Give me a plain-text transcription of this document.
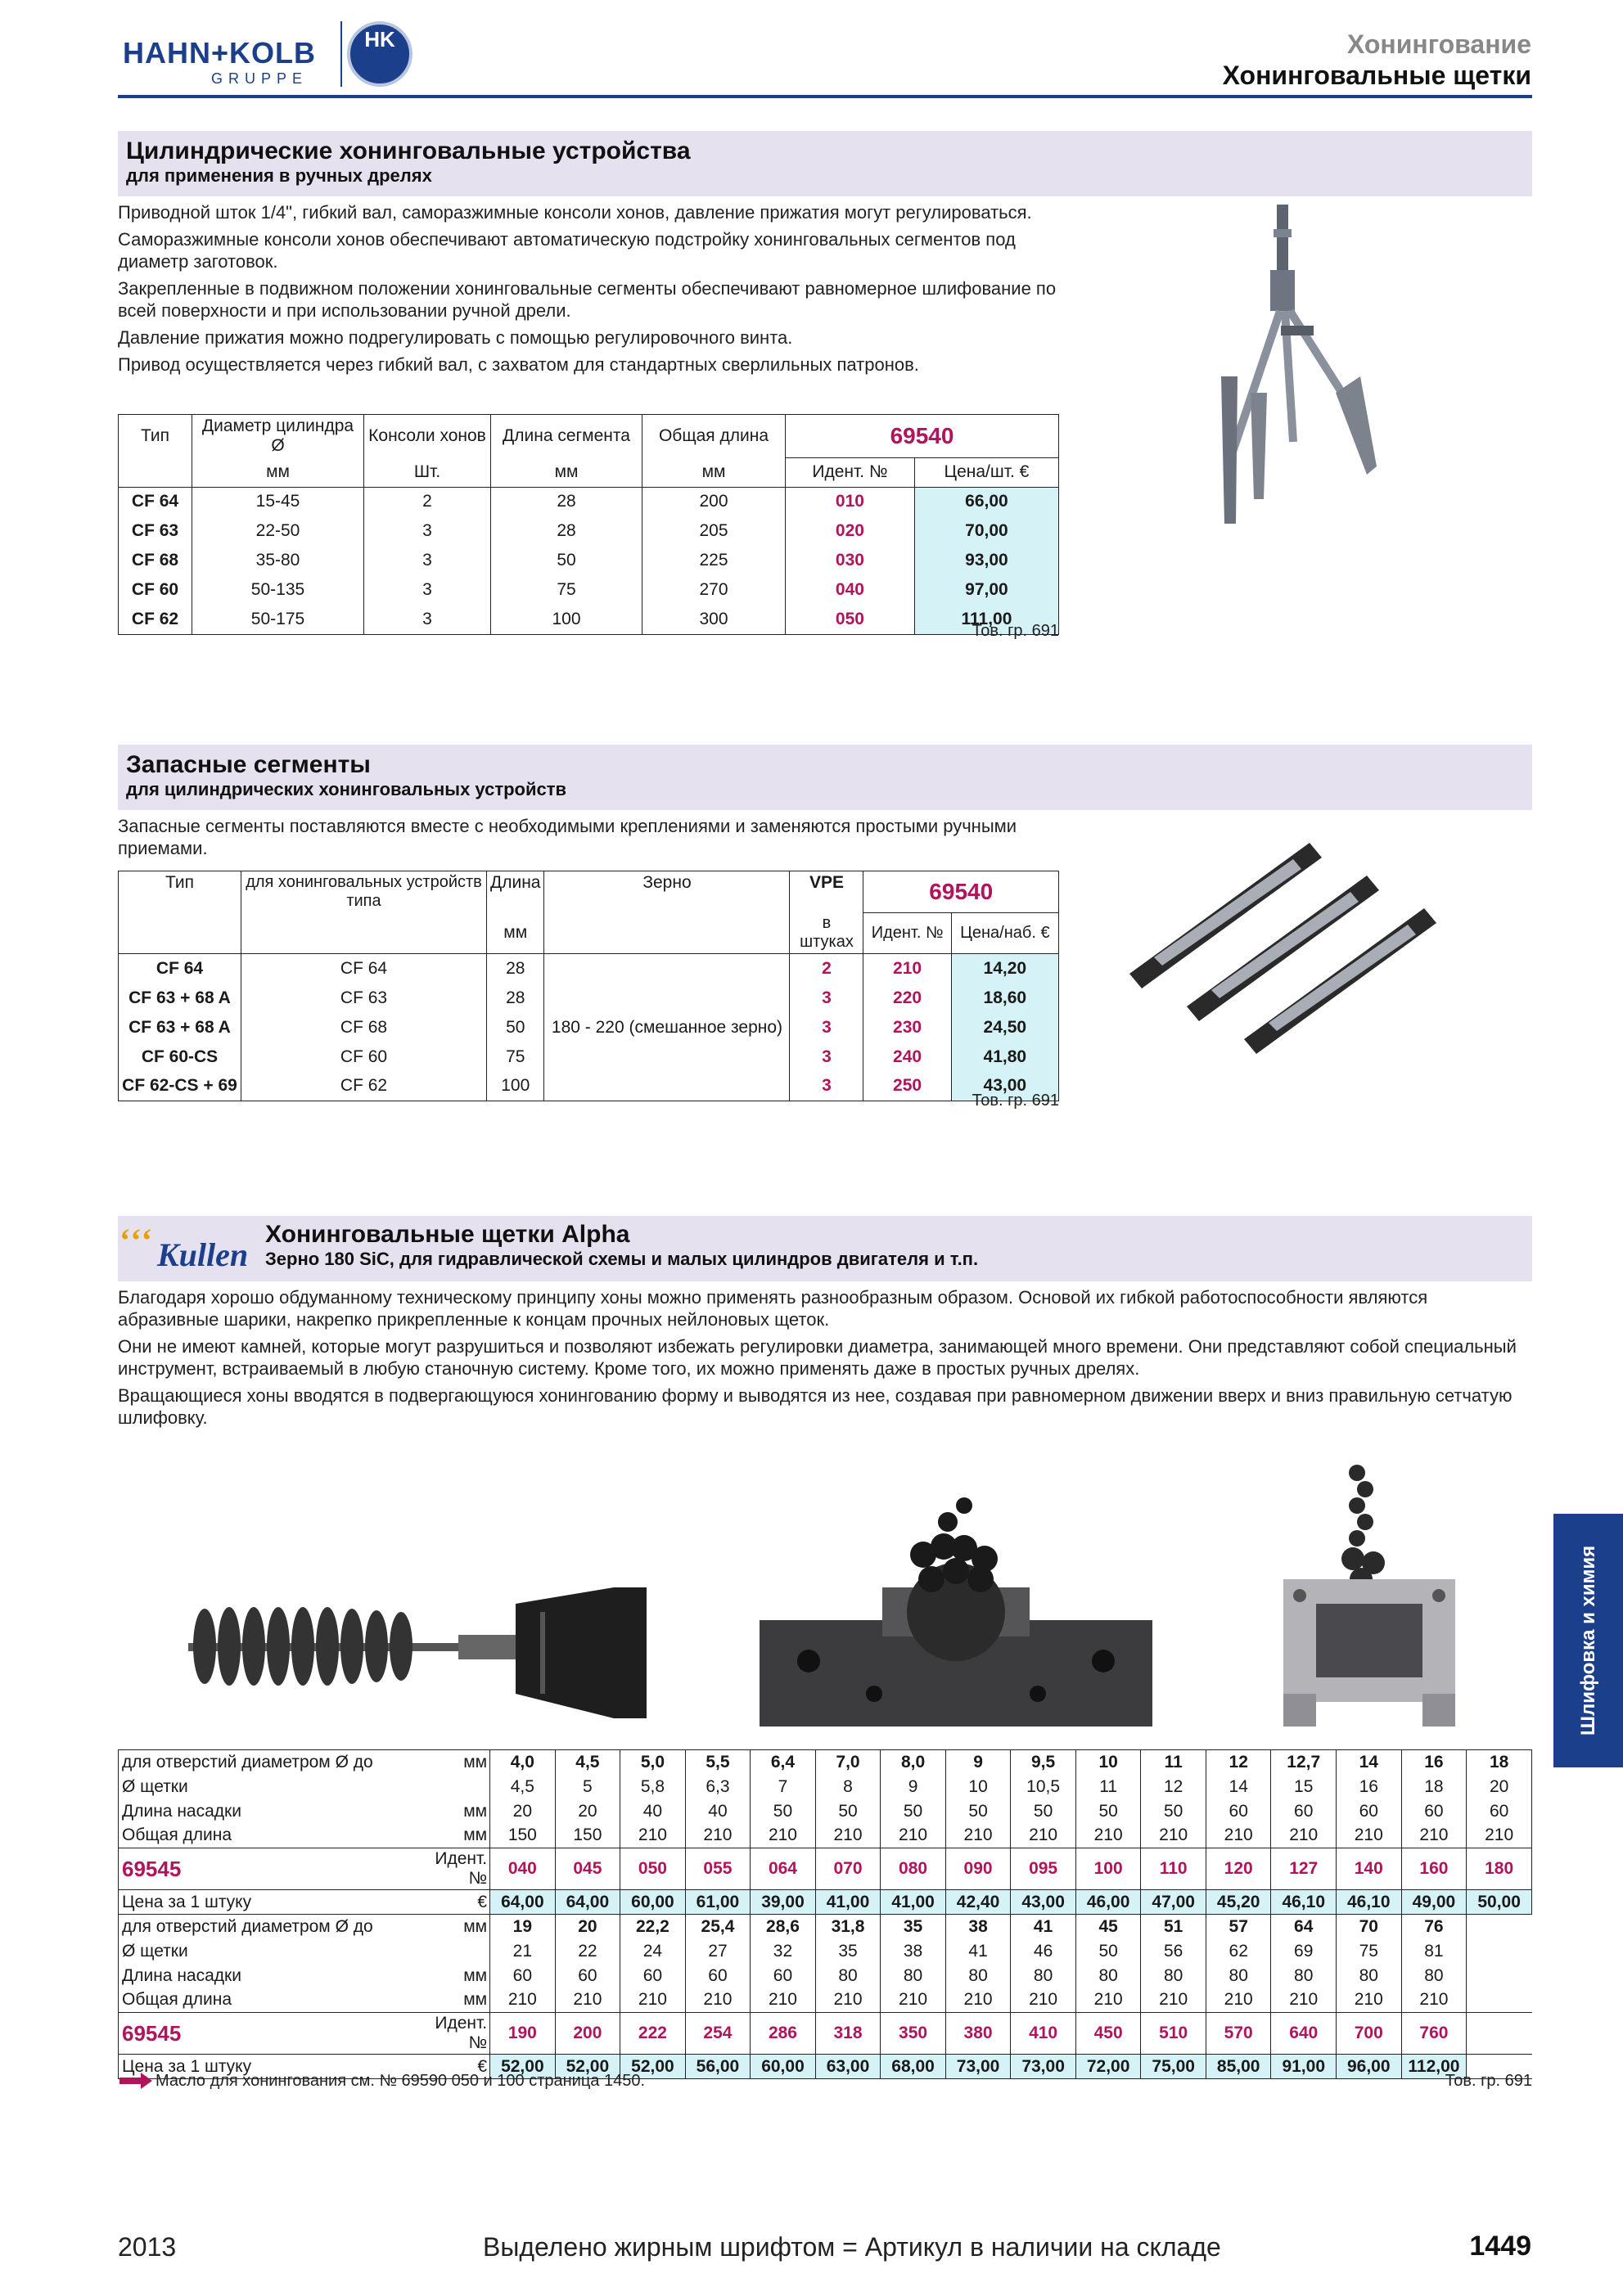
HAHN+KOLB
GRUPPE
HK	Хонингование
Хонинговальные щетки
Цилиндрические хонинговальные устройства
для применения в ручных дрелях

Приводной шток 1/4", гибкий вал, саморазжимные консоли хонов, давление прижатия могут регулироваться.

Саморазжимные консоли хонов обеспечивают автоматическую подстройку хонинговальных сегментов под диаметр заготовок.

Закрепленные в подвижном положении хонинговальные сегменты обеспечивают равномерное шлифование по всей поверхности и при использовании ручной дрели.

Давление прижатия можно подрегулировать с помощью регулировочного винта.

Привод осуществляется через гибкий вал, с захватом для стандартных сверлильных патронов.

Тип	Диаметр цилиндра Ø	Консоли хонов	Длина сегмента	Общая длина	69540	
	мм	Шт.	мм	мм	Идент. №	Цена/шт. €
CF 64	15-45	2	28	200	010	66,00
CF 63	22-50	3	28	205	020	70,00
CF 68	35-80	3	50	225	030	93,00
CF 60	50-135	3	75	270	040	97,00
CF 62	50-175	3	100	300	050	111,00
Тов. гр. 691
Запасные сегменты
для цилиндрических хонинговальных устройств
Запасные сегменты поставляются вместе с необходимыми креплениями и заменяются простыми ручными приемами.
Тип	для хонинговальных устройств типа	Длина	Зерно	VPE	69540	
		мм		в штуках	Идент. №	Цена/наб. €
CF 64	CF 64	28	180 - 220 (смешанное зерно)	2	210	14,20
CF 63 + 68 A	CF 63	28		3	220	18,60
CF 63 + 68 A	CF 68	50		3	230	24,50
CF 60-CS	CF 60	75		3	240	41,80
CF 62-CS + 69	CF 62	100		3	250	43,00
Тов. гр. 691
Хонинговальные щетки Alpha
Зерно 180 SiC, для гидравлической схемы и малых цилиндров двигателя и т.п.
ʻʻʻ Kullen

Благодаря хорошо обдуманному техническому принципу хоны можно применять разнообразным образом. Основой их гибкой работоспособности являются абразивные шарики, накрепко прикрепленные к концам прочных нейлоновых щеток.

Они не имеют камней, которые могут разрушиться и позволяют избежать регулировки диаметра, занимающей много времени. Они представляют собой специальный инструмент, встраиваемый в любую станочную систему. Кроме того, их можно применять даже в простых ручных дрелях.

Вращающиеся хоны вводятся в подвергающуюся хонингованию форму и выводятся из нее, создавая при равномерном движении вверх и вниз правильную сетчатую шлифовку.

для отверстий диаметром Ø до	мм	4,0	4,5	5,0	5,5	6,4	7,0	8,0	9	9,5	10	11	12	12,7	14	16	18
Ø щетки		4,5	5	5,8	6,3	7	8	9	10	10,5	11	12	14	15	16	18	20
Длина насадки	мм	20	20	40	40	50	50	50	50	50	50	50	60	60	60	60	60
Общая длина	мм	150	150	210	210	210	210	210	210	210	210	210	210	210	210	210	210
69545	Идент. №	040	045	050	055	064	070	080	090	095	100	110	120	127	140	160	180
Цена за 1 штуку	€	64,00	64,00	60,00	61,00	39,00	41,00	41,00	42,40	43,00	46,00	47,00	45,20	46,10	46,10	49,00	50,00
для отверстий диаметром Ø до	мм	19	20	22,2	25,4	28,6	31,8	35	38	41	45	51	57	64	70	76	
Ø щетки		21	22	24	27	32	35	38	41	46	50	56	62	69	75	81	
Длина насадки	мм	60	60	60	60	60	80	80	80	80	80	80	80	80	80	80	
Общая длина	мм	210	210	210	210	210	210	210	210	210	210	210	210	210	210	210	
69545	Идент. №	190	200	222	254	286	318	350	380	410	450	510	570	640	700	760	
Цена за 1 штуку	€	52,00	52,00	52,00	56,00	60,00	63,00	68,00	73,00	73,00	72,00	75,00	85,00	91,00	96,00	112,00	
Масло для хонингования см. № 69590 050 и 100 страница 1450.	Тов. гр. 691
Шлифовка и химия
2013	Выделено жирным шрифтом = Артикул в наличии на складе	1449
